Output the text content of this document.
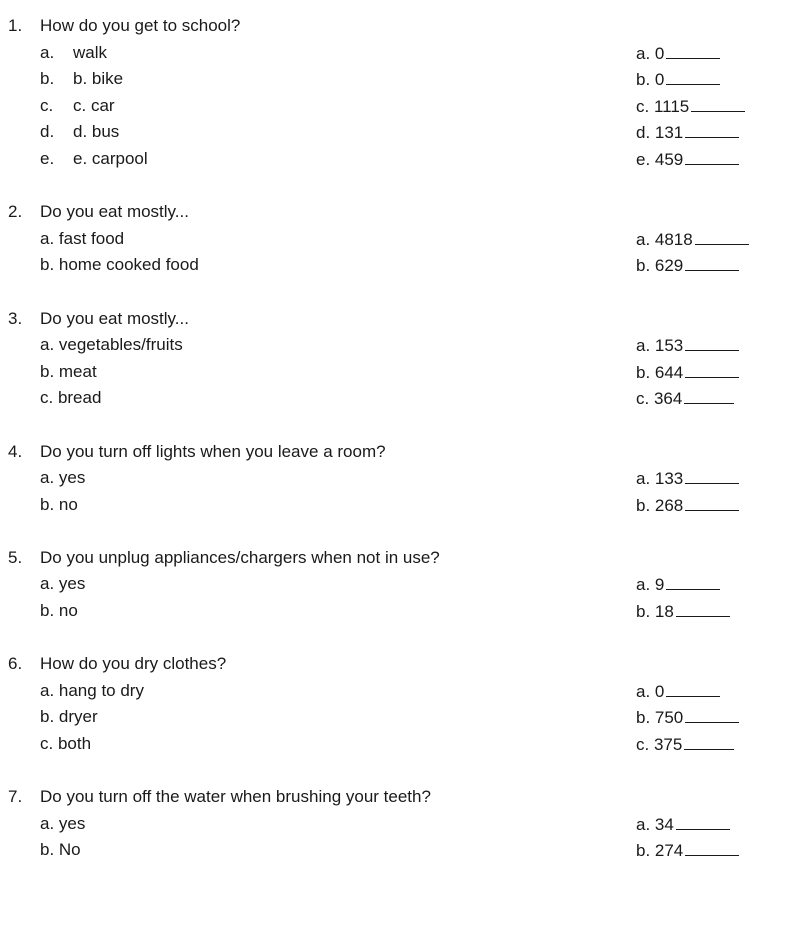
1. How do you get to school?
a. walk	a. 0
b. b. bike	b. 0
c. c. car	c. 1115
d. d. bus	d. 131
e. e. carpool	e. 459
2. Do you eat mostly...
a. fast food	a. 4818
b. home cooked food	b. 629
3. Do you eat mostly...
a. vegetables/fruits	a. 153
b. meat	b. 644
c. bread	c. 364
4. Do you turn off lights when you leave a room?
a. yes	a. 133
b. no	b. 268
5. Do you unplug appliances/chargers when not in use?
a. yes	a. 9
b. no	b. 18
6. How do you dry clothes?
a. hang to dry	a. 0
b. dryer	b. 750
c. both	c. 375
7. Do you turn off the water when brushing your teeth?
a. yes	a. 34
b. No	b. 274
